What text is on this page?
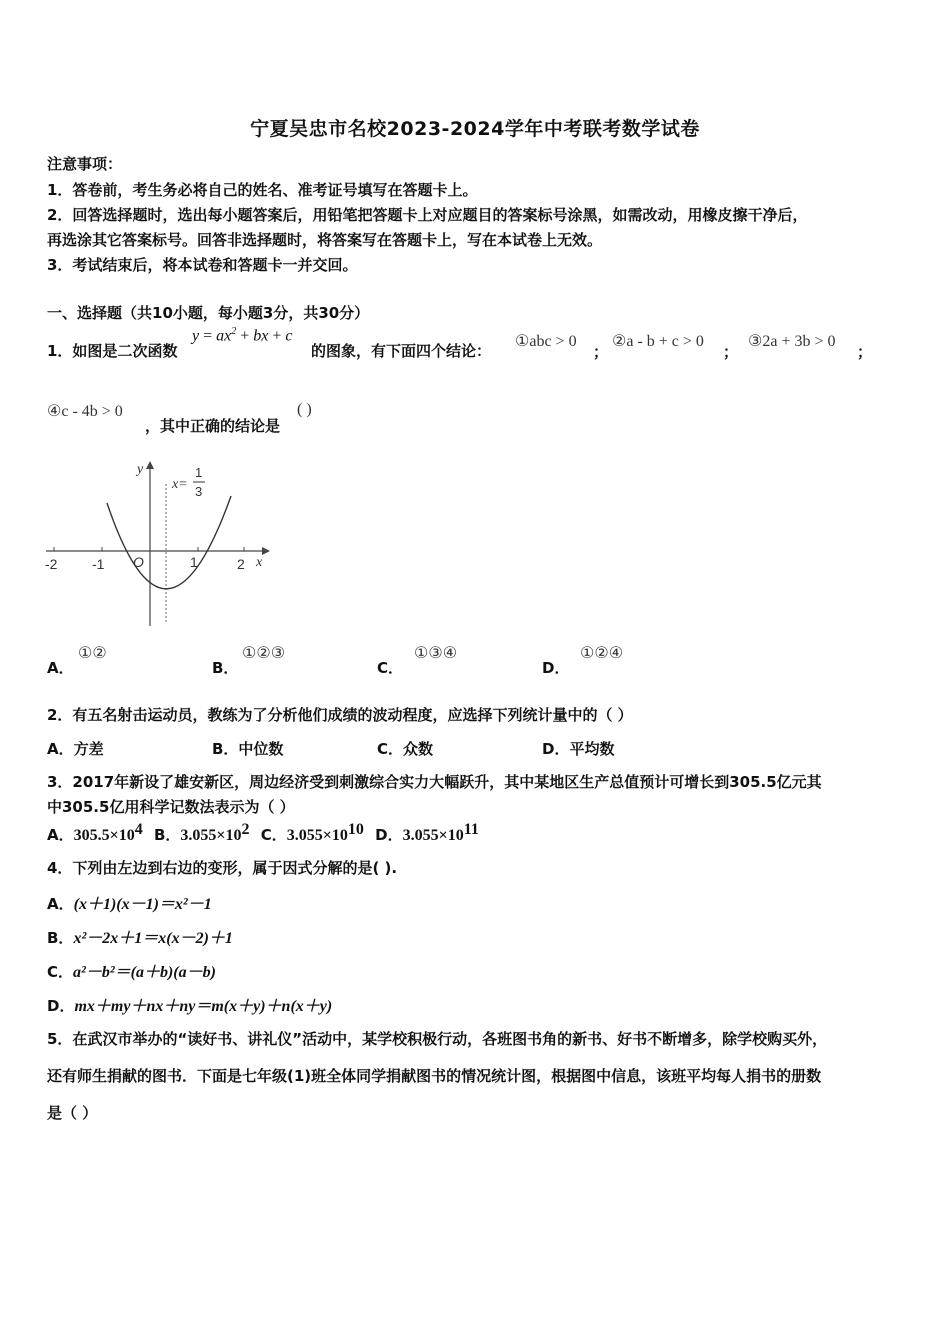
宁夏吴忠市名校2023-2024学年中考联考数学试卷
注意事项：
1．答卷前，考生务必将自己的姓名、准考证号填写在答题卡上。
2．回答选择题时，选出每小题答案后，用铅笔把答题卡上对应题目的答案标号涂黑，如需改动，用橡皮擦干净后，
再选涂其它答案标号。回答非选择题时，将答案写在答题卡上，写在本试卷上无效。
3．考试结束后，将本试卷和答题卡一并交回。
一、选择题（共10小题，每小题3分，共30分）
1．如图是二次函数
$y = ax^2$ + bx + c
的图象，有下面四个结论：
①abc > 0
；
②a - b + c > 0
；
③2a + 3b > 0
；
④c - 4b > 0
，其中正确的结论是
( )
y
x
O
-2 -1	1	2
x=
1
3
A．
①②
B．
①②③
C．
①③④
D．
①②④
2．有五名射击运动员，教练为了分析他们成绩的波动程度，应选择下列统计量中的（ ）
A．方差	B．中位数	C．众数	D．平均数
3．2017年新设了雄安新区，周边经济受到刺激综合实力大幅跃升，其中某地区生产总值预计可增长到305.5亿元其
中305.5亿用科学记数法表示为（ ）
A．$305.5\times 10^4$ B．$3.055\times 10^2$ C．$3.055\times 10^{10}$ D．$3.055\times 10^{11}$
4．下列由左边到右边的变形，属于因式分解的是( ).
A．(x＋1)(x－1)＝x²－1
B．x²－2x＋1＝x(x－2)＋1
C．a²－b²＝(a＋b)(a－b)
D．mx＋my＋nx＋ny＝m(x＋y)＋n(x＋y)
5．在武汉市举办的“读好书、讲礼仪”活动中，某学校积极行动，各班图书角的新书、好书不断增多，除学校购买外，
还有师生捐献的图书．下面是七年级(1)班全体同学捐献图书的情况统计图，根据图中信息，该班平均每人捐书的册数
是（ ）
